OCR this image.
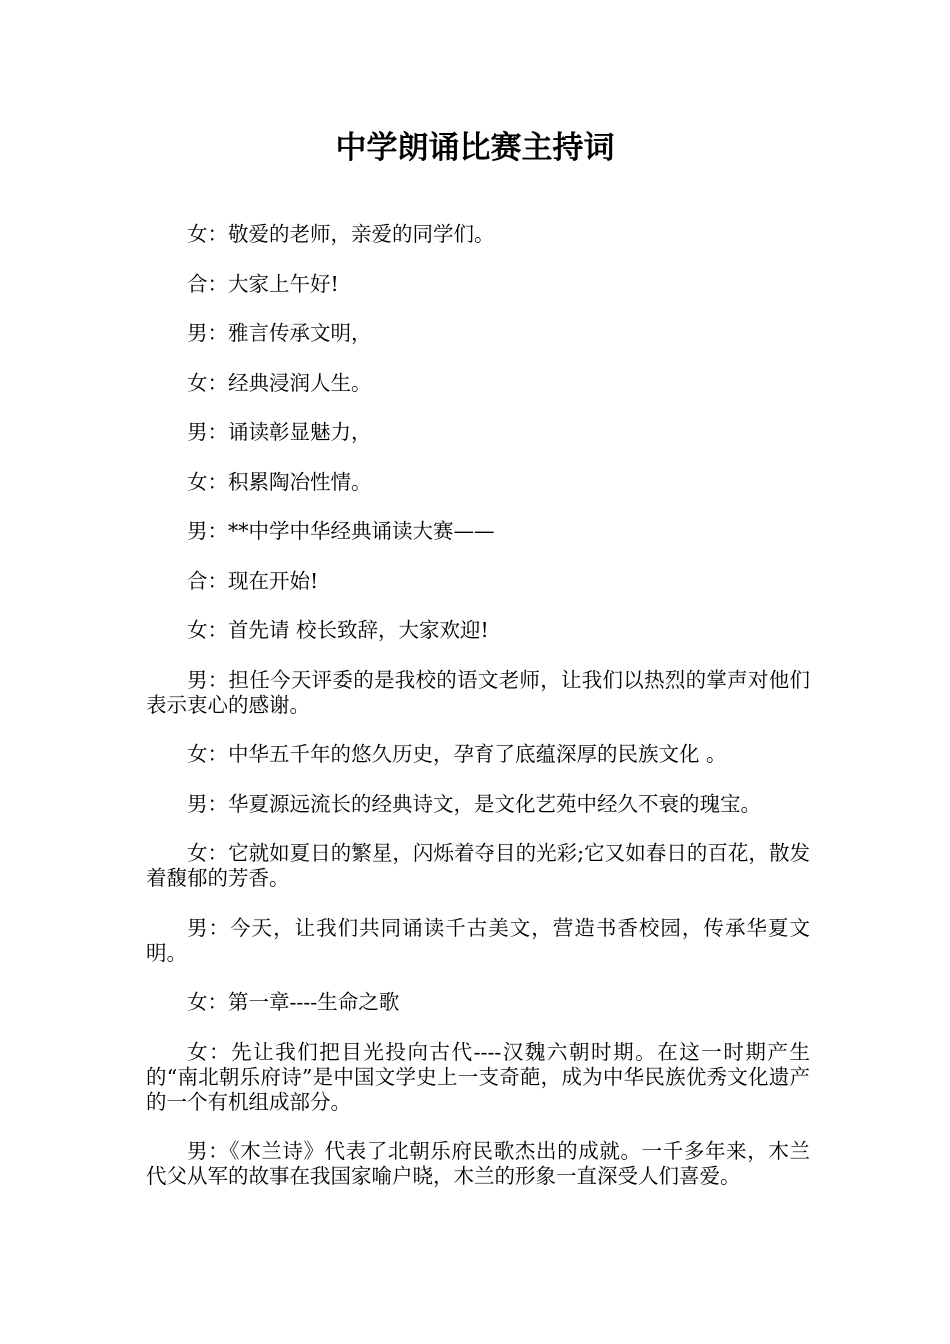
中学朗诵比赛主持词

女：敬爱的老师，亲爱的同学们。

合：大家上午好!

男：雅言传承文明，

女：经典浸润人生。

男：诵读彰显魅力，

女：积累陶冶性情。

男：**中学中华经典诵读大赛——

合：现在开始!

女：首先请 校长致辞，大家欢迎!

男：担任今天评委的是我校的语文老师，让我们以热烈的掌声对他们表示衷心的感谢。

女：中华五千年的悠久历史，孕育了底蕴深厚的民族文化 。

男：华夏源远流长的经典诗文，是文化艺苑中经久不衰的瑰宝。

女：它就如夏日的繁星，闪烁着夺目的光彩;它又如春日的百花，散发着馥郁的芳香。

男：今天，让我们共同诵读千古美文，营造书香校园，传承华夏文明。

女：第一章----生命之歌

女：先让我们把目光投向古代----汉魏六朝时期。在这一时期产生的“南北朝乐府诗”是中国文学史上一支奇葩，成为中华民族优秀文化遗产的一个有机组成部分。

男：《木兰诗》代表了北朝乐府民歌杰出的成就。一千多年来，木兰代父从军的故事在我国家喻户晓，木兰的形象一直深受人们喜爱。
